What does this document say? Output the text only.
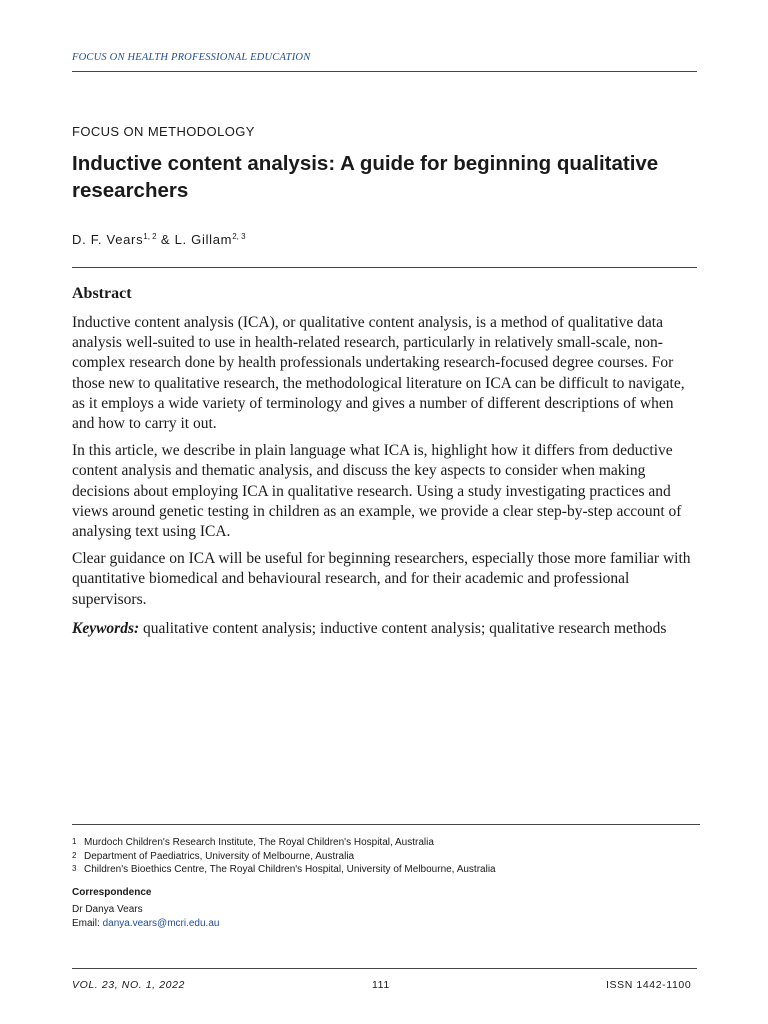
FOCUS ON HEALTH PROFESSIONAL EDUCATION
FOCUS ON METHODOLOGY
Inductive content analysis: A guide for beginning qualitative researchers
D. F. Vears$^{1, 2}$ & L. Gillam$^{2, 3}$
Abstract

Inductive content analysis (ICA), or qualitative content analysis, is a method of qualitative data analysis well-suited to use in health-related research, particularly in relatively small-scale, non-complex research done by health professionals undertaking research-focused degree courses. For those new to qualitative research, the methodological literature on ICA can be difficult to navigate, as it employs a wide variety of terminology and gives a number of different descriptions of when and how to carry it out.

In this article, we describe in plain language what ICA is, highlight how it differs from deductive content analysis and thematic analysis, and discuss the key aspects to consider when making decisions about employing ICA in qualitative research. Using a study investigating practices and views around genetic testing in children as an example, we provide a clear step-by-step account of analysing text using ICA.

Clear guidance on ICA will be useful for beginning researchers, especially those more familiar with quantitative biomedical and behavioural research, and for their academic and professional supervisors.

Keywords: qualitative content analysis; inductive content analysis; qualitative research methods

1 Murdoch Children's Research Institute, The Royal Children's Hospital, Australia
2 Department of Paediatrics, University of Melbourne, Australia
3 Children's Bioethics Centre, The Royal Children's Hospital, University of Melbourne, Australia
Correspondence
Dr Danya Vears
Email: danya.vears@mcri.edu.au
VOL. 23, NO. 1, 2022	111	ISSN 1442-1100
